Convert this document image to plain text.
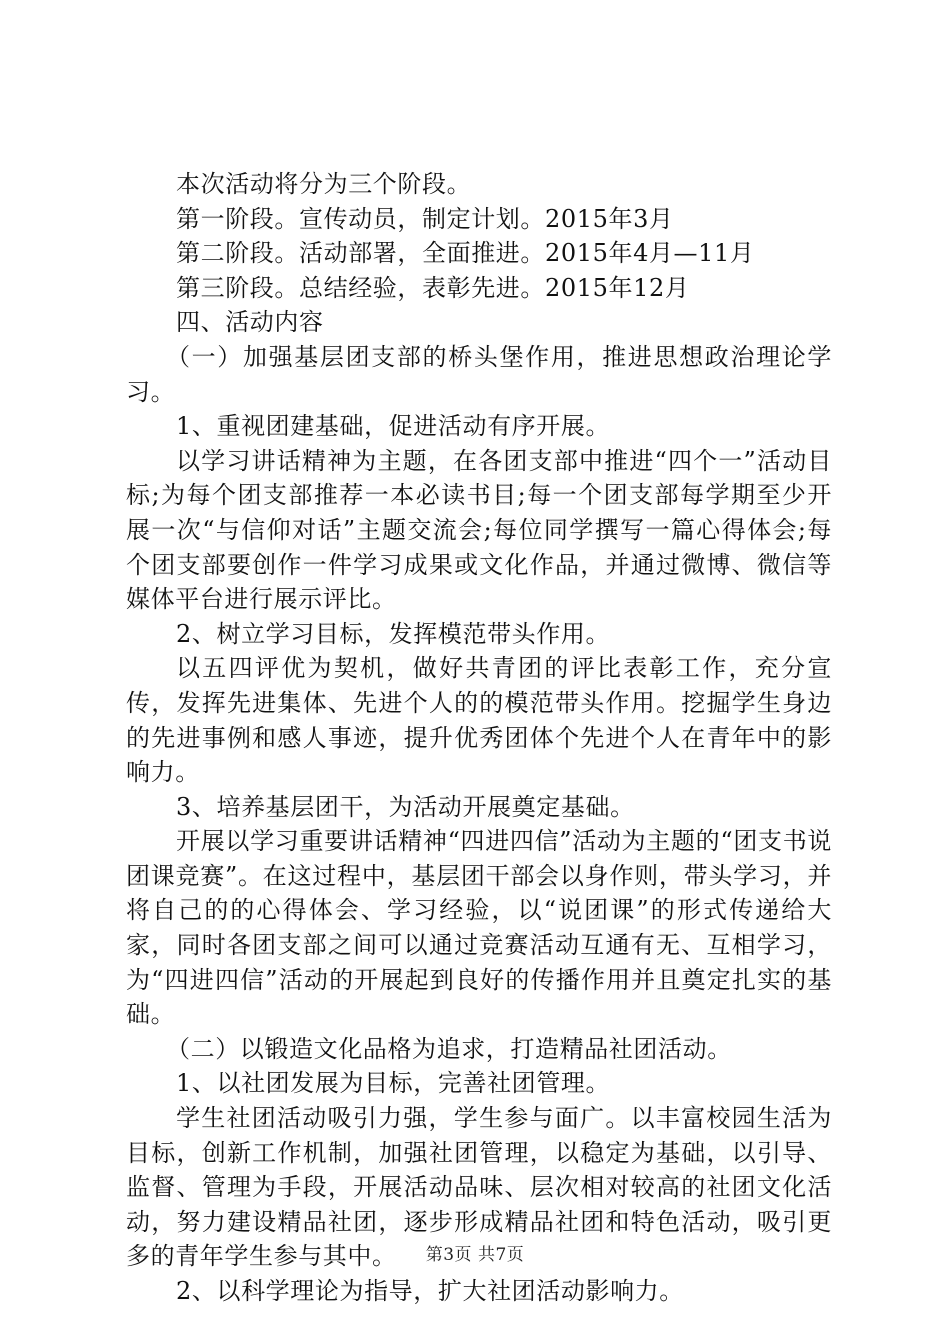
本次活动将分为三个阶段。

第一阶段。宣传动员，制定计划。2015年3月

第二阶段。活动部署，全面推进。2015年4月—11月

第三阶段。总结经验，表彰先进。2015年12月

四、活动内容

（一）加强基层团支部的桥头堡作用，推进思想政治理论学习。

1、重视团建基础，促进活动有序开展。

以学习讲话精神为主题，在各团支部中推进“四个一”活动目标;为每个团支部推荐一本必读书目;每一个团支部每学期至少开展一次“与信仰对话”主题交流会;每位同学撰写一篇心得体会;每个团支部要创作一件学习成果或文化作品，并通过微博、微信等媒体平台进行展示评比。

2、树立学习目标，发挥模范带头作用。

以五四评优为契机，做好共青团的评比表彰工作，充分宣传，发挥先进集体、先进个人的的模范带头作用。挖掘学生身边的先进事例和感人事迹，提升优秀团体个先进个人在青年中的影响力。

3、培养基层团干，为活动开展奠定基础。

开展以学习重要讲话精神“四进四信”活动为主题的“团支书说团课竞赛”。在这过程中，基层团干部会以身作则，带头学习，并将自己的的心得体会、学习经验，以“说团课”的形式传递给大家，同时各团支部之间可以通过竞赛活动互通有无、互相学习，为“四进四信”活动的开展起到良好的传播作用并且奠定扎实的基础。

（二）以锻造文化品格为追求，打造精品社团活动。

1、以社团发展为目标，完善社团管理。

学生社团活动吸引力强，学生参与面广。以丰富校园生活为目标，创新工作机制，加强社团管理，以稳定为基础，以引导、监督、管理为手段，开展活动品味、层次相对较高的社团文化活动，努力建设精品社团，逐步形成精品社团和特色活动，吸引更多的青年学生参与其中。

2、以科学理论为指导，扩大社团活动影响力。

第3页 共7页
